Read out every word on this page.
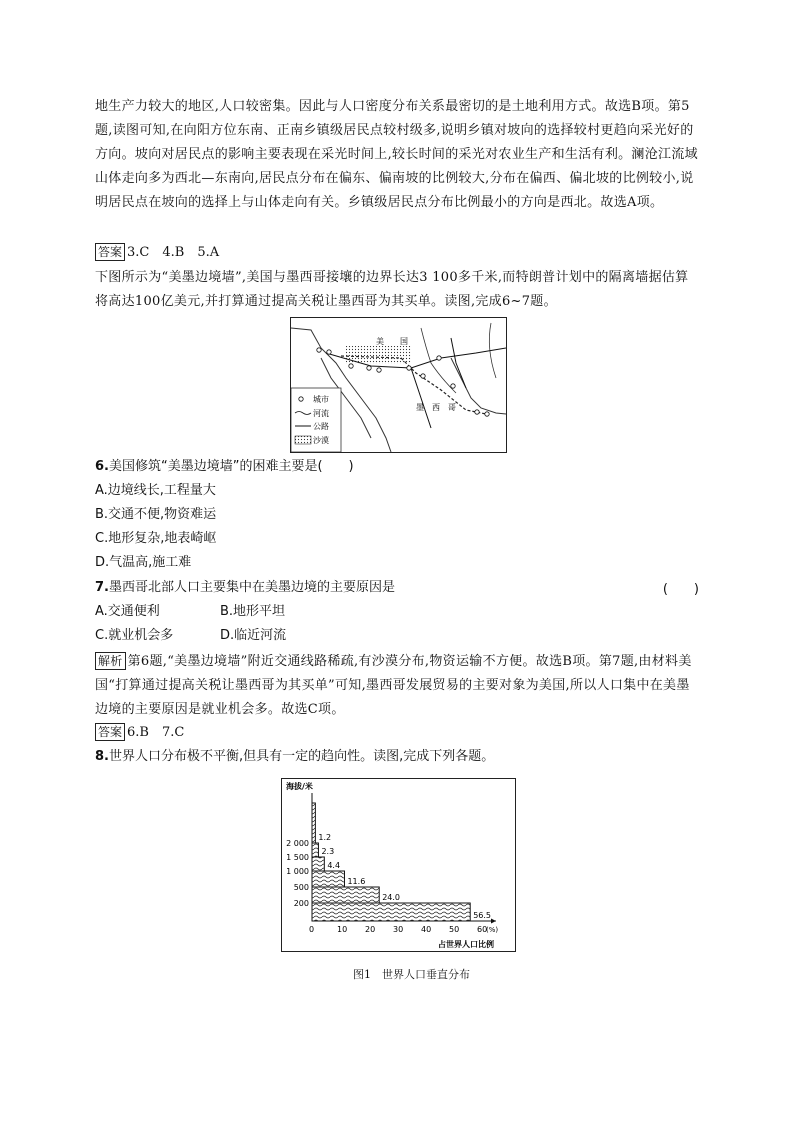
地生产力较大的地区,人口较密集。因此与人口密度分布关系最密切的是土地利用方式。故选B项。第5题,读图可知,在向阳方位东南、正南乡镇级居民点较村级多,说明乡镇对坡向的选择较村更趋向采光好的方向。坡向对居民点的影响主要表现在采光时间上,较长时间的采光对农业生产和生活有利。澜沧江流域山体走向多为西北—东南向,居民点分布在偏东、偏南坡的比例较大,分布在偏西、偏北坡的比例较小,说明居民点在坡向的选择上与山体走向有关。乡镇级居民点分布比例最小的方向是西北。故选A项。
答案 3.C　4.B　5.A
下图所示为“美墨边境墙”,美国与墨西哥接壤的边界长达3 100多千米,而特朗普计划中的隔离墙据估算将高达100亿美元,并打算通过提高关税让墨西哥为其买单。读图,完成6~7题。
美　　国
墨　西　哥
城市
河流
公路
沙漠
6.美国修筑“美墨边境墙”的困难主要是(　　)
A.边境线长,工程量大
B.交通不便,物资难运
C.地形复杂,地表崎岖
D.气温高,施工难
7.墨西哥北部人口主要集中在美墨边境的主要原因是	(　　)
A.交通便利	B.地形平坦
C.就业机会多	D.临近河流
解析 第6题,“美墨边境墙”附近交通线路稀疏,有沙漠分布,物资运输不方便。故选B项。第7题,由材料美国“打算通过提高关税让墨西哥为其买单”可知,墨西哥发展贸易的主要对象为美国,所以人口集中在美墨边境的主要原因是就业机会多。故选C项。
答案 6.B　7.C
8.世界人口分布极不平衡,但具有一定的趋向性。读图,完成下列各题。
海拔/米
占世界人口比例
56.5
24.0
11.6
4.4
2.3
1.2
0	10 20 30 40 50 60
(%)
200
500
1 000
1 500
2 000
图1　世界人口垂直分布
